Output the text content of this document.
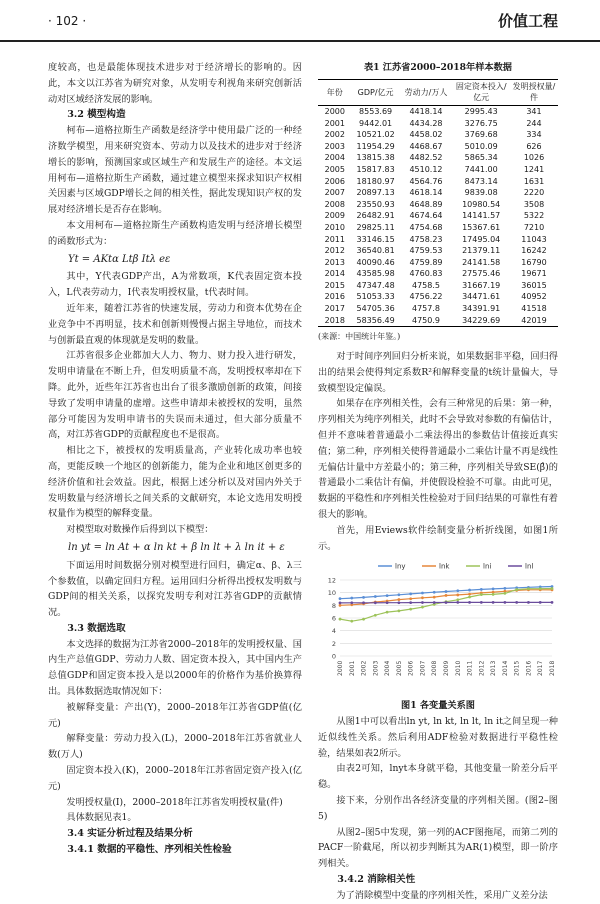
· 102 ·	价值工程

度较高，也是最能体现技术进步对于经济增长的影响的。因此，本文以江苏省为研究对象，从发明专利视角来研究创新活动对区域经济发展的影响。

3.2 模型构造

柯布—道格拉斯生产函数是经济学中使用最广泛的一种经济数学模型，用来研究资本、劳动力以及技术的进步对于经济增长的影响，预测国家或区域生产和发展生产的途径。本文运用柯布—道格拉斯生产函数，通过建立模型来探求知识产权相关因素与区域GDP增长之间的相关性，据此发现知识产权的发展对经济增长是否存在影响。

本文用柯布—道格拉斯生产函数构造发明与经济增长模型的函数形式为：

Yt = AKtα Ltβ Itλ eε

其中，Y代表GDP产出，A为常数项，K代表固定资本投入，L代表劳动力，I代表发明授权量，t代表时间。

近年来，随着江苏省的快速发展，劳动力和资本优势在企业竞争中不再明显，技术和创新则慢慢占据主导地位，而技术与创新最直观的体现就是发明的数量。

江苏省很多企业都加大人力、物力、财力投入进行研发，发明申请量在不断上升，但发明质量不高，发明授权率却在下降。此外，近些年江苏省也出台了很多激励创新的政策，间接导致了发明申请量的虚增。这些申请却未被授权的发明，虽然部分可能因为发明申请书的失误而未通过，但大部分质量不高，对江苏省GDP的贡献程度也不是很高。

相比之下，被授权的发明质量高，产业转化成功率也较高，更能反映一个地区的创新能力，能为企业和地区创更多的经济价值和社会效益。因此，根据上述分析以及对国内外关于发明数量与经济增长之间关系的文献研究，本论文选用发明授权量作为模型的解释变量。

对模型取对数操作后得到以下模型：

ln yt = ln At + α ln kt + β ln lt + λ ln it + ε

下面运用时间数据分别对模型进行回归，确定α、β、λ三个参数值，以确定回归方程。运用回归分析得出授权发明数与GDP间的相关关系，以探究发明专利对江苏省GDP的贡献情况。

3.3 数据选取

本文选择的数据为江苏省2000–2018年的发明授权量、国内生产总值GDP、劳动力人数、固定资本投入，其中国内生产总值GDP和固定资本投入是以2000年的价格作为基价换算得出。具体数据选取情况如下：

被解释变量：产出(Y)，2000–2018年江苏省GDP值(亿元)

解释变量：劳动力投入(L)，2000–2018年江苏省就业人数(万人)

固定资本投入(K)，2000–2018年江苏省固定资产投入(亿元)

发明授权量(I)，2000–2018年江苏省发明授权量(件)

具体数据见表1。

3.4 实证分析过程及结果分析
3.4.1 数据的平稳性、序列相关性检验
表1 江苏省2000–2018年样本数据
年份	GDP/亿元	劳动力/万人	固定资本投入/亿元	发明授权量/件
2000	8553.69	4418.14	2995.43	341
2001	9442.01	4434.28	3276.75	244
2002	10521.02	4458.02	3769.68	334
2003	11954.29	4468.67	5010.09	626
2004	13815.38	4482.52	5865.34	1026
2005	15817.83	4510.12	7441.00	1241
2006	18180.97	4564.76	8473.14	1631
2007	20897.13	4618.14	9839.08	2220
2008	23550.93	4648.89	10980.54	3508
2009	26482.91	4674.64	14141.57	5322
2010	29825.11	4754.68	15367.61	7210
2011	33146.15	4758.23	17495.04	11043
2012	36540.81	4759.53	21379.11	16242
2013	40090.46	4759.89	24141.58	16790
2014	43585.98	4760.83	27575.46	19671
2015	47347.48	4758.5	31667.19	36015
2016	51053.33	4756.22	34471.61	40952
2017	54705.36	4757.8	34391.91	41518
2018	58356.49	4750.9	34229.69	42019
(来源：中国统计年鉴。)

对于时间序列回归分析来说，如果数据非平稳，回归得出的结果会使得判定系数R²和解释变量的t统计量偏大，导致模型设定偏误。

如果存在序列相关性，会有三种常见的后果：第一种，序列相关为纯序列相关，此时不会导致对参数的有偏估计，但并不意味着普通最小二乘法得出的参数估计值接近真实值；第二种，序列相关使得普通最小二乘估计量不再是线性无偏估计量中方差最小的；第三种，序列相关导致SE(β̂)的普通最小二乘估计有偏，并使假设检验不可靠。由此可见，数据的平稳性和序列相关性检验对于回归结果的可靠性有着很大的影响。

首先，用Eviews软件绘制变量分析折线图，如图1所示。

0
2
4
6
8
10
12
2000 2001 2002 2003 2004 2005 2006 2007 2008 2009 2010 2011 2012 2013 2014 2015 2016 2017 2018
lny	lnk	lni	lnl
图1 各变量关系图

从图1中可以看出ln yt, ln kt, ln lt, ln it之间呈现一种近似线性关系。然后利用ADF检验对数据进行平稳性检验，结果如表2所示。

由表2可知，lnyt本身就平稳，其他变量一阶差分后平稳。

接下来，分别作出各经济变量的序列相关图。(图2–图5)

从图2–图5中发现，第一列的ACF图拖尾，而第二列的PACF一阶截尾，所以初步判断其为AR(1)模型，即一阶序列相关。

3.4.2 消除相关性

为了消除模型中变量的序列相关性，采用广义差分法
